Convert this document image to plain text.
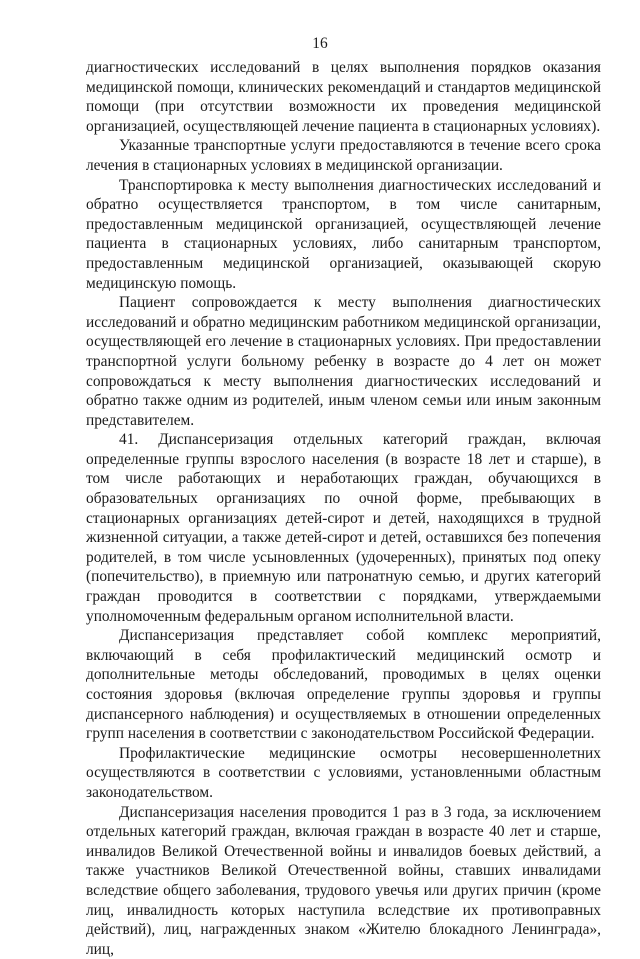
16

диагностических исследований в целях выполнения порядков оказания медицинской помощи, клинических рекомендаций и стандартов медицинской помощи (при отсутствии возможности их проведения медицинской организацией, осуществляющей лечение пациента в стационарных условиях).

Указанные транспортные услуги предоставляются в течение всего срока лечения в стационарных условиях в медицинской организации.

Транспортировка к месту выполнения диагностических исследований и обратно осуществляется транспортом, в том числе санитарным, предоставленным медицинской организацией, осуществляющей лечение пациента в стационарных условиях, либо санитарным транспортом, предоставленным медицинской организацией, оказывающей скорую медицинскую помощь.

Пациент сопровождается к месту выполнения диагностических исследований и обратно медицинским работником медицинской организации, осуществляющей его лечение в стационарных условиях. При предоставлении транспортной услуги больному ребенку в возрасте до 4 лет он может сопровождаться к месту выполнения диагностических исследований и обратно также одним из родителей, иным членом семьи или иным законным представителем.

41. Диспансеризация отдельных категорий граждан, включая определенные группы взрослого населения (в возрасте 18 лет и старше), в том числе работающих и неработающих граждан, обучающихся в образовательных организациях по очной форме, пребывающих в стационарных организациях детей-сирот и детей, находящихся в трудной жизненной ситуации, а также детей-сирот и детей, оставшихся без попечения родителей, в том числе усыновленных (удочеренных), принятых под опеку (попечительство), в приемную или патронатную семью, и других категорий граждан проводится в соответствии с порядками, утверждаемыми уполномоченным федеральным органом исполнительной власти.

Диспансеризация представляет собой комплекс мероприятий, включающий в себя профилактический медицинский осмотр и дополнительные методы обследований, проводимых в целях оценки состояния здоровья (включая определение группы здоровья и группы диспансерного наблюдения) и осуществляемых в отношении определенных групп населения в соответствии с законодательством Российской Федерации.

Профилактические медицинские осмотры несовершеннолетних осуществляются в соответствии с условиями, установленными областным законодательством.

Диспансеризация населения проводится 1 раз в 3 года, за исключением отдельных категорий граждан, включая граждан в возрасте 40 лет и старше, инвалидов Великой Отечественной войны и инвалидов боевых действий, а также участников Великой Отечественной войны, ставших инвалидами вследствие общего заболевания, трудового увечья или других причин (кроме лиц, инвалидность которых наступила вследствие их противоправных действий), лиц, награжденных знаком «Жителю блокадного Ленинграда», лиц,
